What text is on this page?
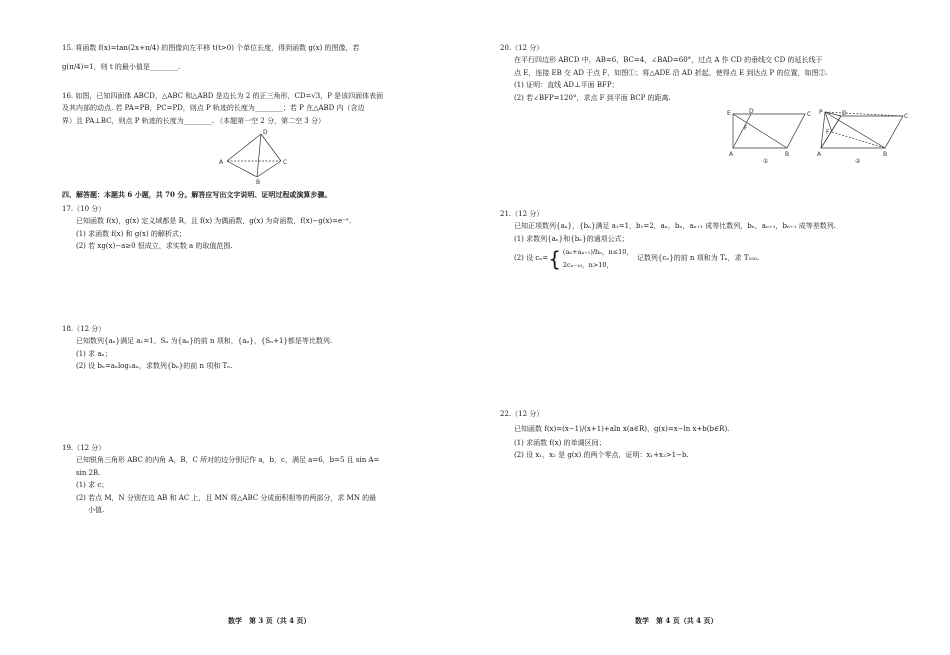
15. 将函数 f(x)=tan(2x+π/4) 的图像向左平移 t(t>0) 个单位长度，得到函数 g(x) 的图像，若

g(π/4)=1，则 t 的最小值是________.

16. 如图，已知四面体 ABCD，△ABC 和△ABD 是边长为 2 的正三角形，CD=√3，P 是该四面体表面

及其内部的动点. 若 PA=PB，PC=PD，则点 P 轨迹的长度为________；若 P 在△ABD 内（含边

界）且 PA⊥BC，则点 P 轨迹的长度为________. （本题第一空 2 分，第二空 3 分）

D
A	C
B
四、解答题：本题共 6 小题，共 70 分。解答应写出文字说明、证明过程或演算步骤。

17.（10 分）

已知函数 f(x)，g(x) 定义域都是 R，且 f(x) 为偶函数，g(x) 为奇函数，f(x)−g(x)=e⁻ˣ.

(1) 求函数 f(x) 和 g(x) 的解析式；

(2) 若 xg(x)−a≥0 恒成立，求实数 a 的取值范围.

18.（12 分）

已知数列{aₙ}满足 a₁=1，Sₙ 为{aₙ}的前 n 项和，{aₙ}，{Sₙ+1}都是等比数列.

(1) 求 aₙ；

(2) 设 bₙ=aₙlog₂aₙ，求数列{bₙ}的前 n 项和 Tₙ.

19.（12 分）

已知锐角三角形 ABC 的内角 A，B，C 所对的边分别记作 a，b，c，满足 a=6，b=5 且 sin A=

sin 2B.

(1) 求 c；

(2) 若点 M，N 分别在边 AB 和 AC 上，且 MN 将△ABC 分成面积相等的两部分，求 MN 的最

小值.

数学　第 3 页（共 4 页）

20.（12 分）

在平行四边形 ABCD 中，AB=6，BC=4，∠BAD=60°，过点 A 作 CD 的垂线交 CD 的延长线于

点 E，连接 EB 交 AD 于点 F，如图①；将△ADE 沿 AD 折起，使得点 E 到达点 P 的位置，如图②.

(1) 证明：直线 AD⊥平面 BFP；

(2) 若∠BFP=120°，求点 F 到平面 BCP 的距离.

E	D	C
F
A	B
①
P	D	C
F
A	B
②

21.（12 分）

已知正项数列{aₙ}，{bₙ}满足 a₁=1，b₁=2，aₙ，bₙ，aₙ₊₁ 成等比数列，bₙ，aₙ₊₁，bₙ₊₁ 成等差数列.

(1) 求数列{aₙ}和{bₙ}的通项公式；

(2) 设 cₙ= { (aₙ+aₙ₊₁)/bₙ，n≤10，
2cₙ₋₁₀，n>10，
记数列{cₙ}的前 n 项和为 Tₙ，求 T₁₀₀.

22.（12 分）

已知函数 f(x)=(x−1)/(x+1)+aln x(a∈R)，g(x)=x−ln x+b(b∈R).

(1) 求函数 f(x) 的单调区间；

(2) 设 x₁，x₂ 是 g(x) 的两个零点，证明：x₁+x₂>1−b.

数学　第 4 页（共 4 页）
